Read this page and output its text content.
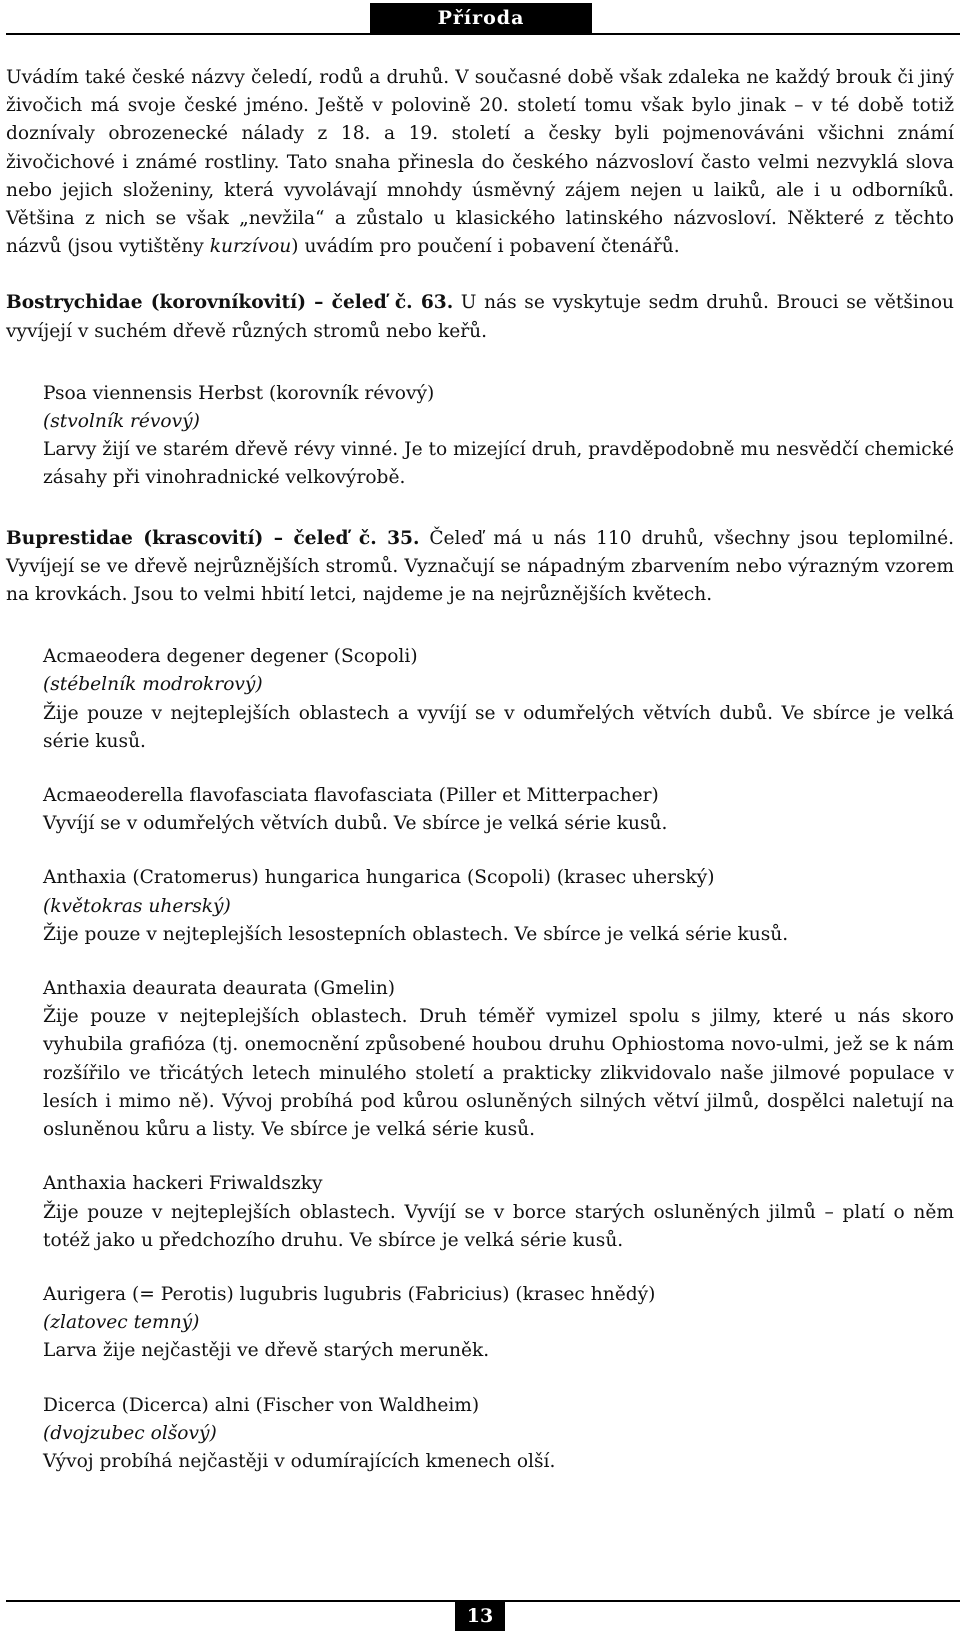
Příroda

Uvádím také české názvy čeledí, rodů a druhů. V současné době však zdaleka ne každý brouk či jiný živočich má svoje české jméno. Ještě v polovině 20. století tomu však bylo jinak – v té době totiž doznívaly obrozenecké nálady z 18. a 19. století a česky byli pojmenováváni všichni známí živočichové i známé rostliny. Tato snaha přinesla do českého názvosloví často velmi nezvyklá slova nebo jejich složeniny, která vyvolávají mnohdy úsměvný zájem nejen u laiků, ale i u odborníků. Většina z nich se však „nevžila“ a zůstalo u klasického latinského názvosloví. Některé z těchto názvů (jsou vytištěny kurzívou) uvádím pro poučení i pobavení čtenářů.

Bostrychidae (korovníkovití) – čeleď č. 63. U nás se vyskytuje sedm druhů. Brouci se většinou vyvíjejí v suchém dřevě různých stromů nebo keřů.

Psoa viennensis Herbst (korovník révový)
(stvolník révový)
Larvy žijí ve starém dřevě révy vinné. Je to mizející druh, pravděpodobně mu nesvědčí chemické zásahy při vinohradnické velkovýrobě.

Buprestidae (krascovití) – čeleď č. 35. Čeleď má u nás 110 druhů, všechny jsou teplomilné. Vyvíjejí se ve dřevě nejrůznějších stromů. Vyznačují se nápadným zbarvením nebo výrazným vzorem na krovkách. Jsou to velmi hbití letci, najdeme je na nejrůznějších květech.

Acmaeodera degener degener (Scopoli)
(stébelník modrokrový)
Žije pouze v nejteplejších oblastech a vyvíjí se v odumřelých větvích dubů. Ve sbírce je velká série kusů.
Acmaeoderella flavofasciata flavofasciata (Piller et Mitterpacher)
Vyvíjí se v odumřelých větvích dubů. Ve sbírce je velká série kusů.
Anthaxia (Cratomerus) hungarica hungarica (Scopoli) (krasec uherský)
(květokras uherský)
Žije pouze v nejteplejších lesostepních oblastech. Ve sbírce je velká série kusů.
Anthaxia deaurata deaurata (Gmelin)
Žije pouze v nejteplejších oblastech. Druh téměř vymizel spolu s jilmy, které u nás skoro vyhubila grafióza (tj. onemocnění způsobené houbou druhu Ophiostoma novo-ulmi, jež se k nám rozšířilo ve třicátých letech minulého století a prakticky zlikvidovalo naše jilmové populace v lesích i mimo ně). Vývoj probíhá pod kůrou osluněných silných větví jilmů, dospělci naletují na osluněnou kůru a listy. Ve sbírce je velká série kusů.
Anthaxia hackeri Friwaldszky
Žije pouze v nejteplejších oblastech. Vyvíjí se v borce starých osluněných jilmů – platí o něm totéž jako u předchozího druhu. Ve sbírce je velká série kusů.
Aurigera (= Perotis) lugubris lugubris (Fabricius) (krasec hnědý)
(zlatovec temný)
Larva žije nejčastěji ve dřevě starých meruněk.
Dicerca (Dicerca) alni (Fischer von Waldheim)
(dvojzubec olšový)
Vývoj probíhá nejčastěji v odumírajících kmenech olší.
13
